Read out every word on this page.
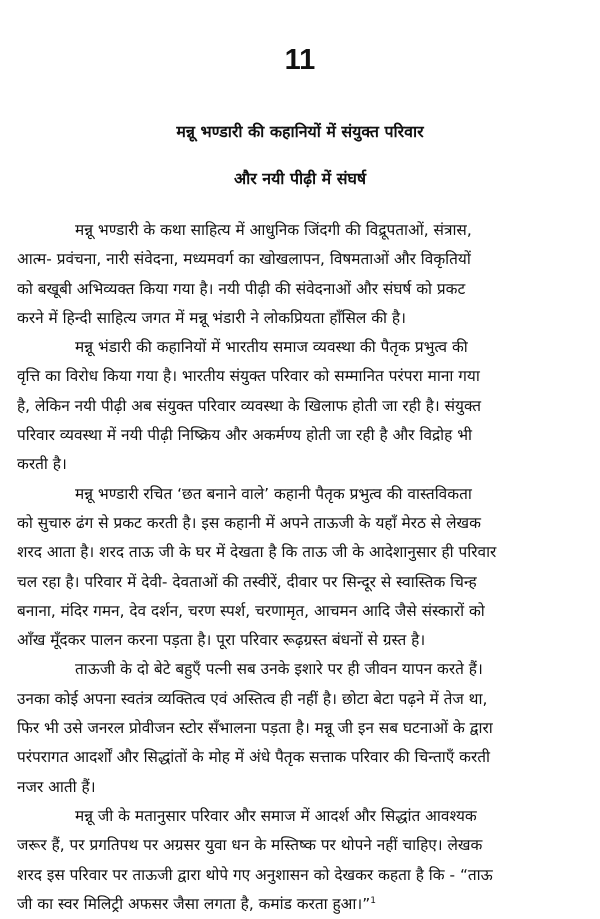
11
मन्नू भण्डारी की कहानियों में संयुक्त परिवार
और नयी पीढ़ी में संघर्ष

मन्नू भण्डारी के कथा साहित्य में आधुनिक जिंदगी की विद्रूपताओं, संत्रास,
आत्म- प्रवंचना, नारी संवेदना, मध्यमवर्ग का खोखलापन, विषमताओं और विकृतियों
को बखूबी अभिव्यक्त किया गया है। नयी पीढ़ी की संवेदनाओं और संघर्ष को प्रकट
करने में हिन्दी साहित्य जगत में मन्नू भंडारी ने लोकप्रियता हाँसिल की है।

मन्नू भंडारी की कहानियों में भारतीय समाज व्यवस्था की पैतृक प्रभुत्व की
वृत्ति का विरोध किया गया है। भारतीय संयुक्त परिवार को सम्मानित परंपरा माना गया
है, लेकिन नयी पीढ़ी अब संयुक्त परिवार व्यवस्था के खिलाफ होती जा रही है। संयुक्त
परिवार व्यवस्था में नयी पीढ़ी निष्क्रिय और अकर्मण्य होती जा रही है और विद्रोह भी
करती है।

मन्नू भण्डारी रचित ‘छत बनाने वाले’ कहानी पैतृक प्रभुत्व की वास्तविकता
को सुचारु ढंग से प्रकट करती है। इस कहानी में अपने ताऊजी के यहाँ मेरठ से लेखक
शरद आता है। शरद ताऊ जी के घर में देखता है कि ताऊ जी के आदेशानुसार ही परिवार
चल रहा है। परिवार में देवी- देवताओं की तस्वीरें, दीवार पर सिन्दूर से स्वास्तिक चिन्ह
बनाना, मंदिर गमन, देव दर्शन, चरण स्पर्श, चरणामृत, आचमन आदि जैसे संस्कारों को
आँख मूँदकर पालन करना पड़ता है। पूरा परिवार रूढ़ग्रस्त बंधनों से ग्रस्त है।

ताऊजी के दो बेटे बहुएँ पत्नी सब उनके इशारे पर ही जीवन यापन करते हैं।
उनका कोई अपना स्वतंत्र व्यक्तित्व एवं अस्तित्व ही नहीं है। छोटा बेटा पढ़ने में तेज था,
फिर भी उसे जनरल प्रोवीजन स्टोर सँभालना पड़ता है। मन्नू जी इन सब घटनाओं के द्वारा
परंपरागत आदर्शों और सिद्धांतों के मोह में अंधे पैतृक सत्ताक परिवार की चिन्ताएँ करती
नजर आती हैं।

मन्नू जी के मतानुसार परिवार और समाज में आदर्श और सिद्धांत आवश्यक
जरूर हैं, पर प्रगतिपथ पर अग्रसर युवा धन के मस्तिष्क पर थोपने नहीं चाहिए। लेखक
शरद इस परिवार पर ताऊजी द्वारा थोपे गए अनुशासन को देखकर कहता है कि - “ताऊ
जी का स्वर मिलिट्री अफसर जैसा लगता है, कमांड करता हुआ।”$^1$
